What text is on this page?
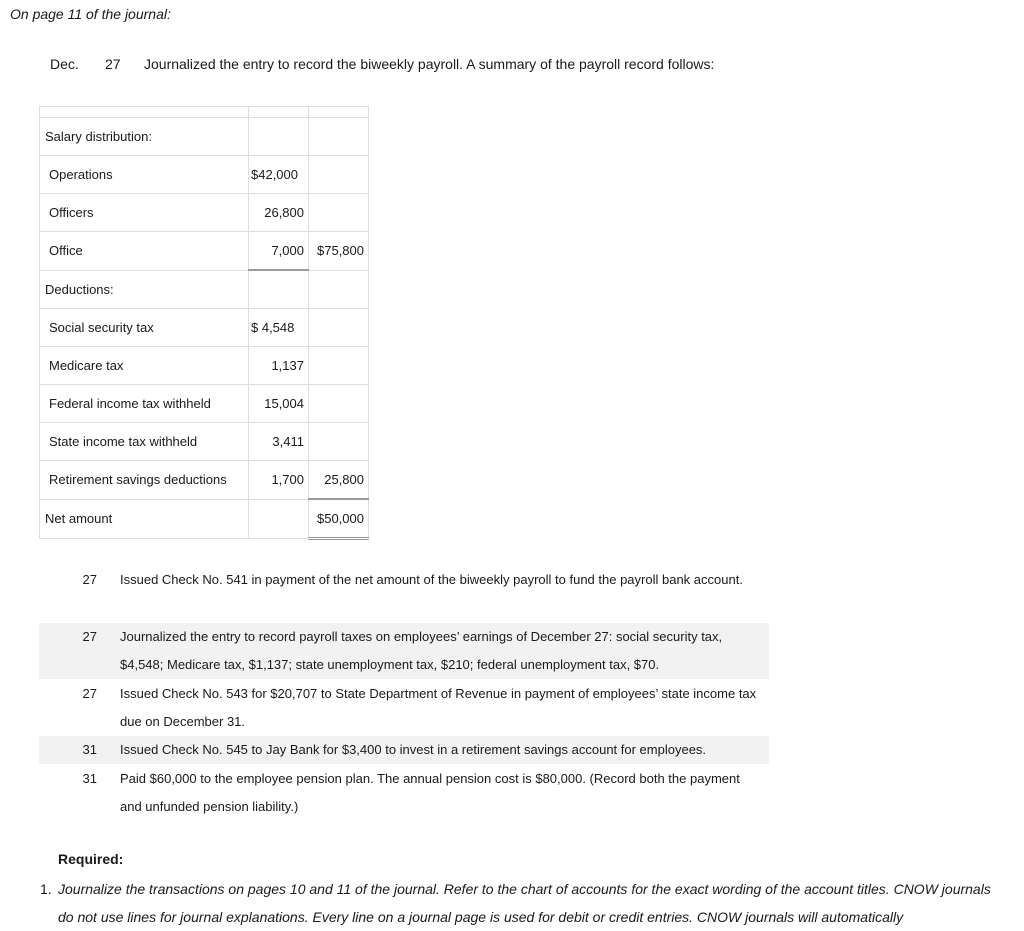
On page 11 of the journal:
Dec. 27 Journalized the entry to record the biweekly payroll. A summary of the payroll record follows:

Salary distribution:		
Operations	$42,000	
Officers	26,800	
Office	7,000	$75,800
Deductions:		
Social security tax	$ 4,548	
Medicare tax	1,137	
Federal income tax withheld	15,004	
State income tax withheld	3,411	
Retirement savings deductions	1,700	25,800
Net amount		$50,000
27 Issued Check No. 541 in payment of the net amount of the biweekly payroll to fund the payroll bank account.
27 Journalized the entry to record payroll taxes on employees’ earnings of December 27: social security tax, $4,548; Medicare tax, $1,137; state unemployment tax, $210; federal unemployment tax, $70.
27 Issued Check No. 543 for $20,707 to State Department of Revenue in payment of employees’ state income tax due on December 31.
31 Issued Check No. 545 to Jay Bank for $3,400 to invest in a retirement savings account for employees.
31 Paid $60,000 to the employee pension plan. The annual pension cost is $80,000. (Record both the payment and unfunded pension liability.)
Required:
1. Journalize the transactions on pages 10 and 11 of the journal. Refer to the chart of accounts for the exact wording of the account titles. CNOW journals do not use lines for journal explanations. Every line on a journal page is used for debit or credit entries. CNOW journals will automatically
